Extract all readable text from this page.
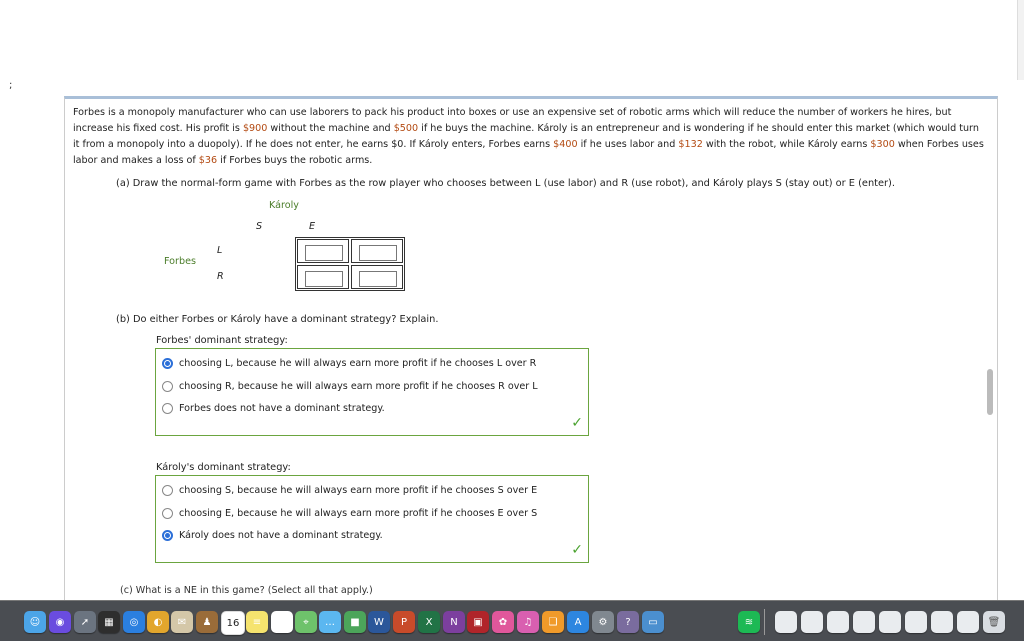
;
Forbes is a monopoly manufacturer who can use laborers to pack his product into boxes or use an expensive set of robotic arms which will reduce the number of workers he hires, but increase his fixed cost. His profit is $900 without the machine and $500 if he buys the machine. Károly is an entrepreneur and is wondering if he should enter this market (which would turn it from a monopoly into a duopoly). If he does not enter, he earns $0. If Károly enters, Forbes earns $400 if he uses labor and $132 with the robot, while Károly earns $300 when Forbes uses labor and makes a loss of $36 if Forbes buys the robotic arms.
(a) Draw the normal-form game with Forbes as the row player who chooses between L (use labor) and R (use robot), and Károly plays S (stay out) or E (enter).
Károly
S	E
Forbes
L
R
(b) Do either Forbes or Károly have a dominant strategy? Explain.
Forbes' dominant strategy:
choosing L, because he will always earn more profit if he chooses L over R
choosing R, because he will always earn more profit if he chooses R over L
Forbes does not have a dominant strategy.
✓
Károly's dominant strategy:
choosing S, because he will always earn more profit if he chooses S over E
choosing E, because he will always earn more profit if he chooses E over S
Károly does not have a dominant strategy.
✓
(c) What is a NE in this game? (Select all that apply.)
☺	◉	➚	▦	◎	◐	✉	♟	16	≡	⌖	…	■	W	P	X	N	▣	✿	♫	❑	A	⚙	?	▭	≋	🗑
